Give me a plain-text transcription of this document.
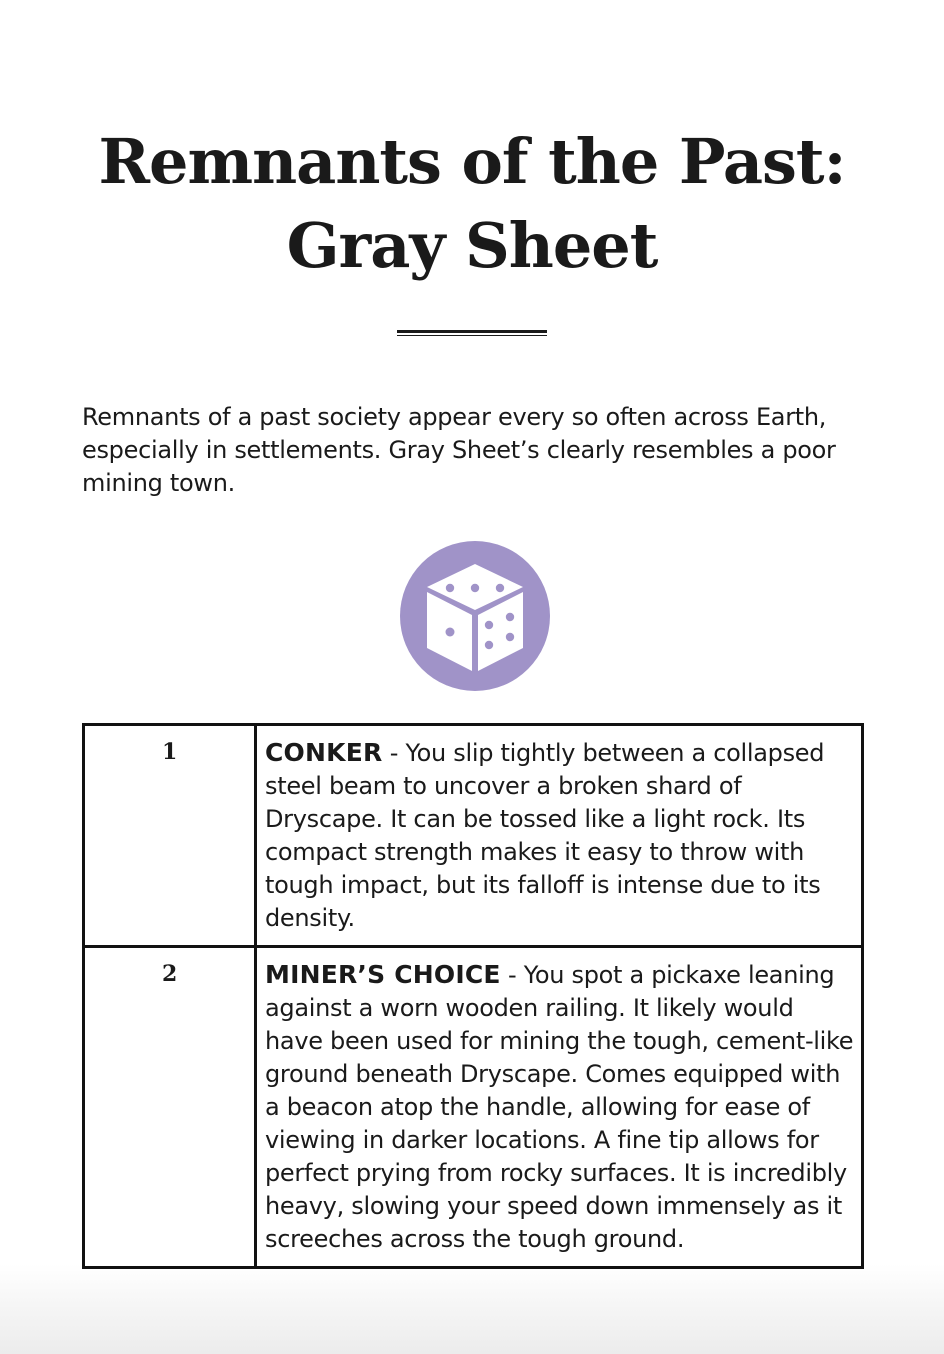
Remnants of the Past:
Gray Sheet

Remnants of a past society appear every so often across Earth, especially in settlements. Gray Sheet’s clearly resembles a poor mining town.

1	CONKER - You slip tightly between a collapsed steel beam to uncover a broken shard of Dryscape. It can be tossed like a light rock. Its compact strength makes it easy to throw with tough impact, but its falloff is intense due to its density.
2	MINER’S CHOICE - You spot a pickaxe leaning against a worn wooden railing. It likely would have been used for mining the tough, cement-like ground beneath Dryscape. Comes equipped with a beacon atop the handle, allowing for ease of viewing in darker locations. A fine tip allows for perfect prying from rocky surfaces. It is incredibly heavy, slowing your speed down immensely as it screeches across the tough ground.
